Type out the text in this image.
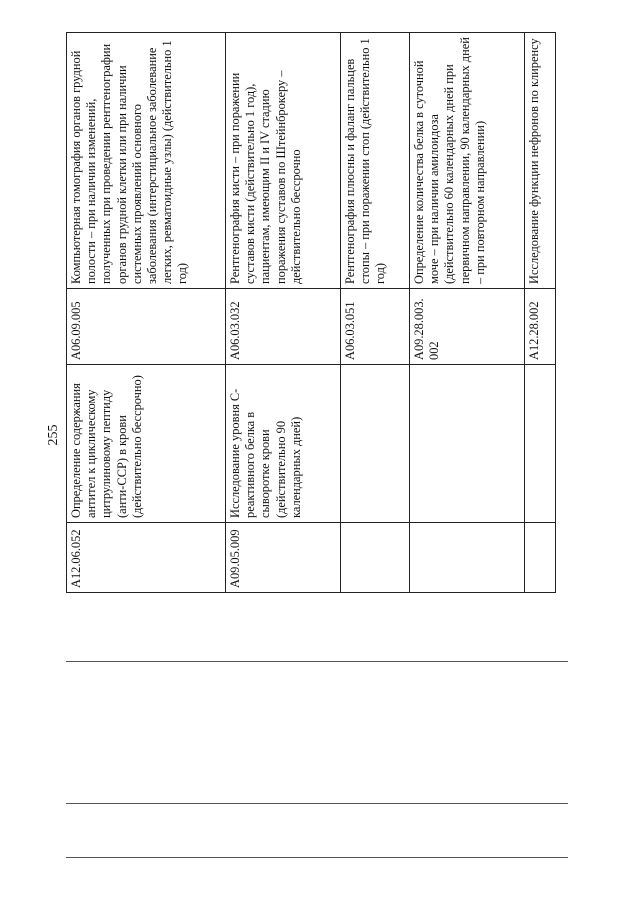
255
A12.06.052	Определение содержания антител к циклическому цитрулиновому пептиду (анти-CCP) в крови (действительно бессрочно)	A06.09.005	Компьютерная томография органов грудной полости – при наличии изменений, полученных при проведении рентгенографии органов грудной клетки или при наличии системных проявлений основного заболевания (интерстициальное заболевание легких, ревматоидные узлы) (действительно 1 год)
A09.05.009	Исследование уровня С-реактивного белка в сыворотке крови (действительно 90 календарных дней)	A06.03.032	Рентгенография кисти – при поражении суставов кисти (действительно 1 год), пациентам, имеющим II и IV стадию поражения суставов по Штейнброкеру – действительно бессрочно
		A06.03.051	Рентгенография плюсны и фаланг пальцев стопы – при поражении стоп (действительно 1 год)
		A09.28.003.002	Определение количества белка в суточной моче – при наличии амилоидоза (действительно 60 календарных дней при первичном направлении, 90 календарных дней – при повторном направлении)
		A12.28.002	Исследование функции нефронов по клиренсу
